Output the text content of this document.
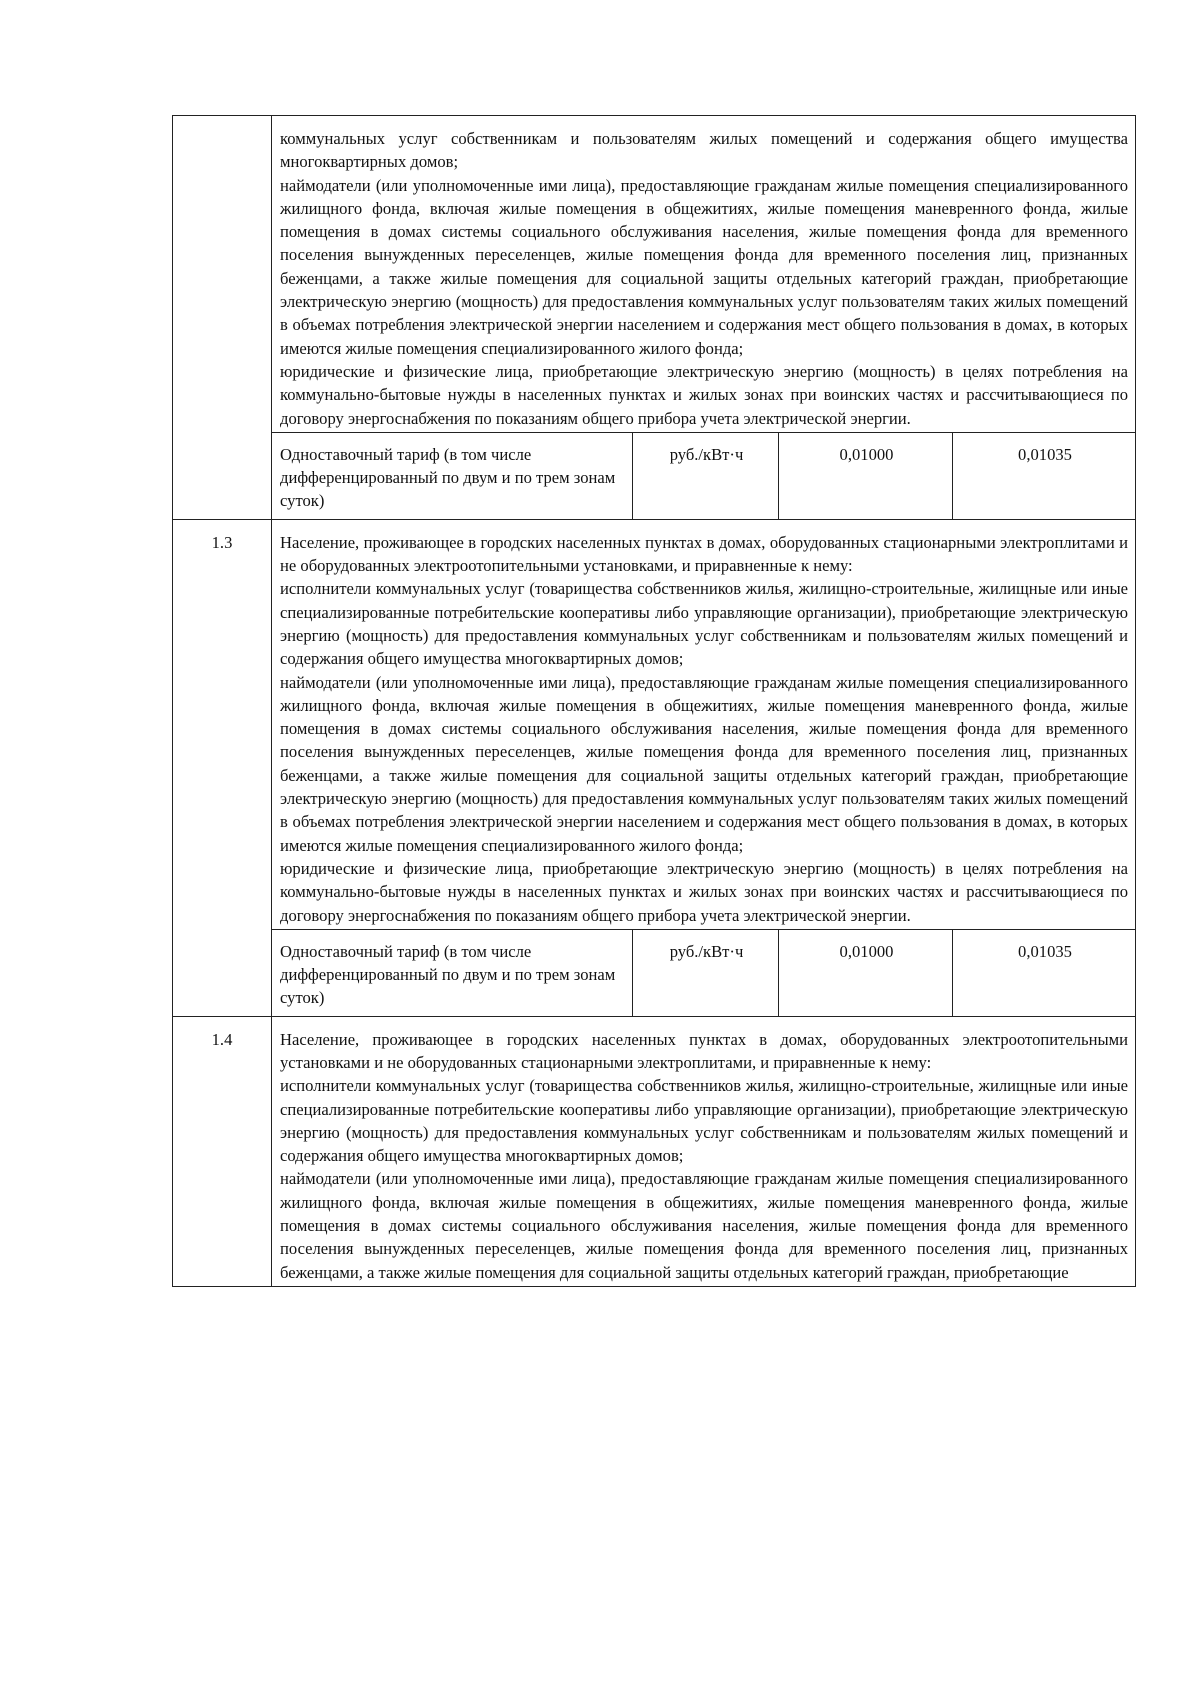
коммунальных услуг собственникам и пользователям жилых помещений и содержания общего имущества многоквартирных домов;

наймодатели (или уполномоченные ими лица), предоставляющие гражданам жилые помещения специализированного жилищного фонда, включая жилые помещения в общежитиях, жилые помещения маневренного фонда, жилые помещения в домах системы социального обслуживания населения, жилые помещения фонда для временного поселения вынужденных переселенцев, жилые помещения фонда для временного поселения лиц, признанных беженцами, а также жилые помещения для социальной защиты отдельных категорий граждан, приобретающие электрическую энергию (мощность) для предоставления коммунальных услуг пользователям таких жилых помещений в объемах потребления электрической энергии населением и содержания мест общего пользования в домах, в которых имеются жилые помещения специализированного жилого фонда;

юридические и физические лица, приобретающие электрическую энергию (мощность) в целях потребления на коммунально-бытовые нужды в населенных пунктах и жилых зонах при воинских частях и рассчитывающиеся по договору энергоснабжения по показаниям общего прибора учета электрической энергии.

Одноставочный тариф (в том числе дифференцированный по двум и по трем зонам суток)	руб./кВт·ч	0,01000	0,01035

1.3	Население, проживающее в городских населенных пунктах в домах, оборудованных стационарными электроплитами и не оборудованных электроотопительными установками, и приравненные к нему:

исполнители коммунальных услуг (товарищества собственников жилья, жилищно-строительные, жилищные или иные специализированные потребительские кооперативы либо управляющие организации), приобретающие электрическую энергию (мощность) для предоставления коммунальных услуг собственникам и пользователям жилых помещений и содержания общего имущества многоквартирных домов;

наймодатели (или уполномоченные ими лица), предоставляющие гражданам жилые помещения специализированного жилищного фонда, включая жилые помещения в общежитиях, жилые помещения маневренного фонда, жилые помещения в домах системы социального обслуживания населения, жилые помещения фонда для временного поселения вынужденных переселенцев, жилые помещения фонда для временного поселения лиц, признанных беженцами, а также жилые помещения для социальной защиты отдельных категорий граждан, приобретающие электрическую энергию (мощность) для предоставления коммунальных услуг пользователям таких жилых помещений в объемах потребления электрической энергии населением и содержания мест общего пользования в домах, в которых имеются жилые помещения специализированного жилого фонда;

юридические и физические лица, приобретающие электрическую энергию (мощность) в целях потребления на коммунально-бытовые нужды в населенных пунктах и жилых зонах при воинских частях и рассчитывающиеся по договору энергоснабжения по показаниям общего прибора учета электрической энергии.

Одноставочный тариф (в том числе дифференцированный по двум и по трем зонам суток)	руб./кВт·ч	0,01000	0,01035

1.4	Население, проживающее в городских населенных пунктах в домах, оборудованных электроотопительными установками и не оборудованных стационарными электроплитами, и приравненные к нему:

исполнители коммунальных услуг (товарищества собственников жилья, жилищно-строительные, жилищные или иные специализированные потребительские кооперативы либо управляющие организации), приобретающие электрическую энергию (мощность) для предоставления коммунальных услуг собственникам и пользователям жилых помещений и содержания общего имущества многоквартирных домов;

наймодатели (или уполномоченные ими лица), предоставляющие гражданам жилые помещения специализированного жилищного фонда, включая жилые помещения в общежитиях, жилые помещения маневренного фонда, жилые помещения в домах системы социального обслуживания населения, жилые помещения фонда для временного поселения вынужденных переселенцев, жилые помещения фонда для временного поселения лиц, признанных беженцами, а также жилые помещения для социальной защиты отдельных категорий граждан, приобретающие
